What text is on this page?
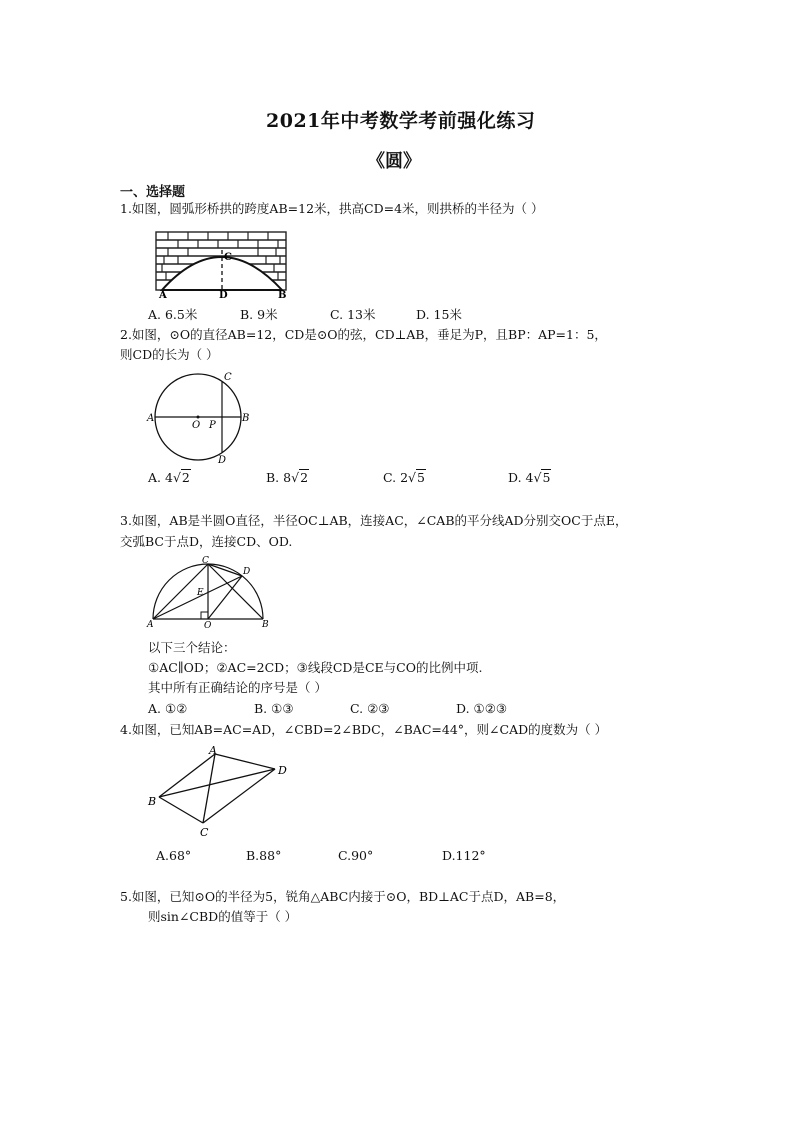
2021年中考数学考前强化练习
《圆》
一、选择题
1.如图，圆弧形桥拱的跨度AB=12米，拱高CD=4米，则拱桥的半径为（ ）
C
A	D	B
A. 6.5米	B. 9米	C. 13米	D. 15米
2.如图，⊙O的直径AB=12，CD是⊙O的弦，CD⊥AB，垂足为P，且BP：AP=1：5，
则CD的长为（ ）
C
A	B
O P
D
A. 4√2	B. 8√2	C. 2√5	D. 4√5
3.如图，AB是半圆O直径，半径OC⊥AB，连接AC，∠CAB的平分线AD分别交OC于点E，
交弧BC于点D，连接CD、OD.
C
D
E
A	O	B
以下三个结论：
①AC∥OD；②AC=2CD；③线段CD是CE与CO的比例中项.
其中所有正确结论的序号是（ ）
A. ①②	B. ①③	C. ②③	D. ①②③
4.如图，已知AB=AC=AD，∠CBD=2∠BDC，∠BAC=44°，则∠CAD的度数为（ ）
A
D
B
C
A.68°	B.88°	C.90°	D.112°
5.如图，已知⊙O的半径为5，锐角△ABC内接于⊙O，BD⊥AC于点D，AB=8，
则sin∠CBD的值等于（ ）
